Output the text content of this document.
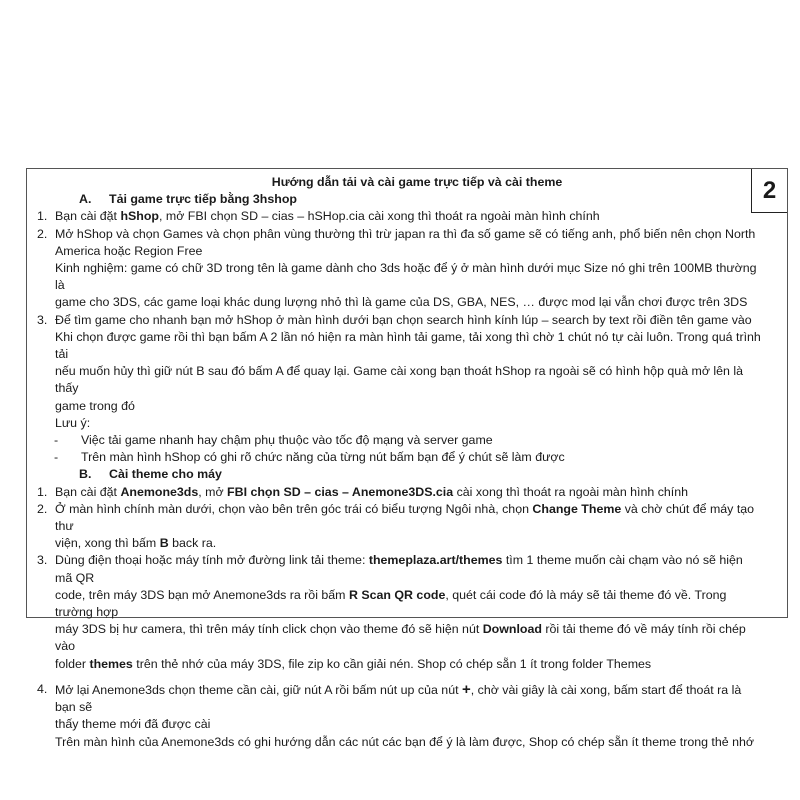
2
Hướng dẫn tải và cài game trực tiếp và cài theme
A.	Tải game trực tiếp bằng 3hshop
1. Bạn cài đặt hShop, mở FBI chọn SD – cias – hSHop.cia cài xong thì thoát ra ngoài màn hình chính
2. Mở hShop và chọn Games và chọn phân vùng thường thì trừ japan ra thì đa số game sẽ có tiếng anh, phổ biến nên chọn North
America hoặc Region Free
Kinh nghiệm: game có chữ 3D trong tên là game dành cho 3ds hoặc để ý ở màn hình dưới mục Size nó ghi trên 100MB thường là
game cho 3DS, các game loại khác dung lượng nhỏ thì là game của DS, GBA, NES, … được mod lại vẫn chơi được trên 3DS
3. Để tìm game cho nhanh bạn mở hShop ở màn hình dưới bạn chọn search hình kính lúp – search by text rồi điền tên game vào
Khi chọn được game rồi thì bạn bấm A 2 lần nó hiện ra màn hình tải game, tải xong thì chờ 1 chút nó tự cài luôn. Trong quá trình tải
nếu muốn hủy thì giữ nút B sau đó bấm A để quay lại. Game cài xong bạn thoát hShop ra ngoài sẽ có hình hộp quà mở lên là thấy
game trong đó
Lưu ý:
- Việc tải game nhanh hay chậm phụ thuộc vào tốc độ mạng và server game
- Trên màn hình hShop có ghi rõ chức năng của từng nút bấm bạn để ý chút sẽ làm được
B.	Cài theme cho máy
1. Bạn cài đặt Anemone3ds, mở FBI chọn SD – cias – Anemone3DS.cia cài xong thì thoát ra ngoài màn hình chính
2. Ở màn hình chính màn dưới, chọn vào bên trên góc trái có biểu tượng Ngôi nhà, chọn Change Theme và chờ chút để máy tạo thư
viện, xong thì bấm B back ra.
3. Dùng điện thoại hoặc máy tính mở đường link tải theme: themeplaza.art/themes tìm 1 theme muốn cài chạm vào nó sẽ hiện mã QR
code, trên máy 3DS bạn mở Anemone3ds ra rồi bấm R Scan QR code, quét cái code đó là máy sẽ tải theme đó về. Trong trường hợp
máy 3DS bị hư camera, thì trên máy tính click chọn vào theme đó sẽ hiện nút Download rồi tải theme đó về máy tính rồi chép vào
folder themes trên thẻ nhớ của máy 3DS, file zip ko cần giải nén. Shop có chép sẵn 1 ít trong folder Themes
4. Mở lại Anemone3ds chọn theme cần cài, giữ nút A rồi bấm nút up của nút +, chờ vài giây là cài xong, bấm start để thoát ra là bạn sẽ
thấy theme mới đã được cài
Trên màn hình của Anemone3ds có ghi hướng dẫn các nút các bạn để ý là làm được, Shop có chép sẵn ít theme trong thẻ nhớ
